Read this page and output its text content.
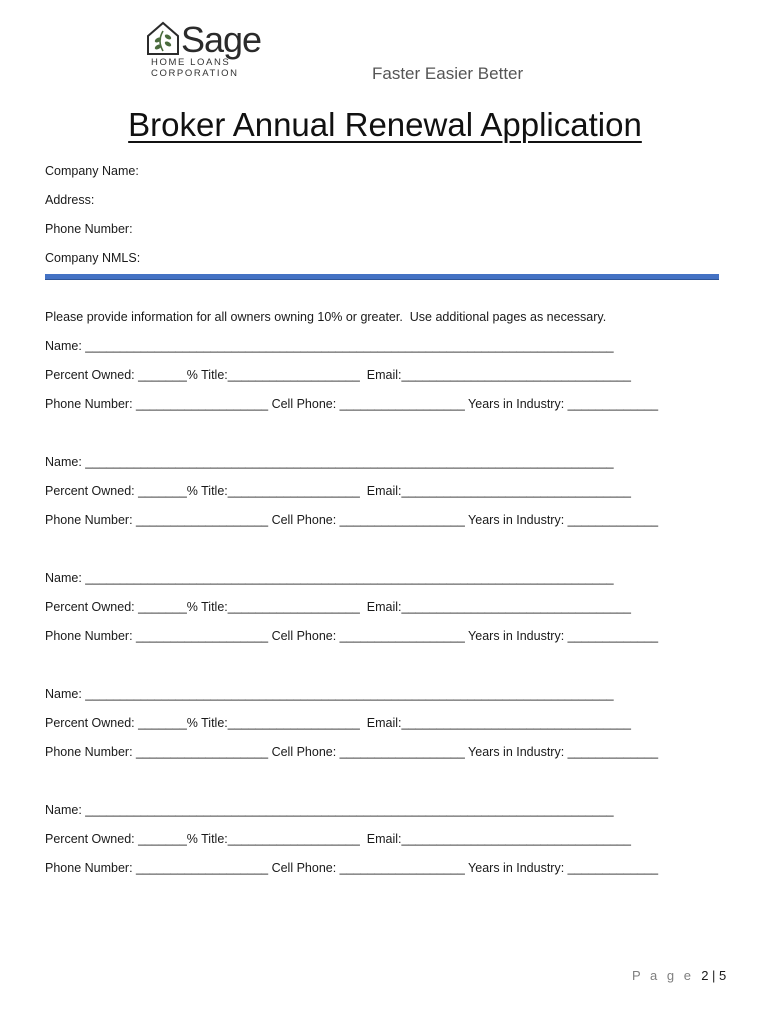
Sage
HOME LOANS
CORPORATION	Faster Easier Better
Broker Annual Renewal Application
Company Name:
Address:
Phone Number:
Company NMLS:
Please provide information for all owners owning 10% or greater.  Use additional pages as necessary.
Name: ____________________________________________________________________________
Percent Owned: _______% Title:___________________  Email:_________________________________
Phone Number: ___________________ Cell Phone: __________________ Years in Industry: _____________
Name: ____________________________________________________________________________
Percent Owned: _______% Title:___________________  Email:_________________________________
Phone Number: ___________________ Cell Phone: __________________ Years in Industry: _____________
Name: ____________________________________________________________________________
Percent Owned: _______% Title:___________________  Email:_________________________________
Phone Number: ___________________ Cell Phone: __________________ Years in Industry: _____________
Name: ____________________________________________________________________________
Percent Owned: _______% Title:___________________  Email:_________________________________
Phone Number: ___________________ Cell Phone: __________________ Years in Industry: _____________
Name: ____________________________________________________________________________
Percent Owned: _______% Title:___________________  Email:_________________________________
Phone Number: ___________________ Cell Phone: __________________ Years in Industry: _____________
P a g e 2 | 5
